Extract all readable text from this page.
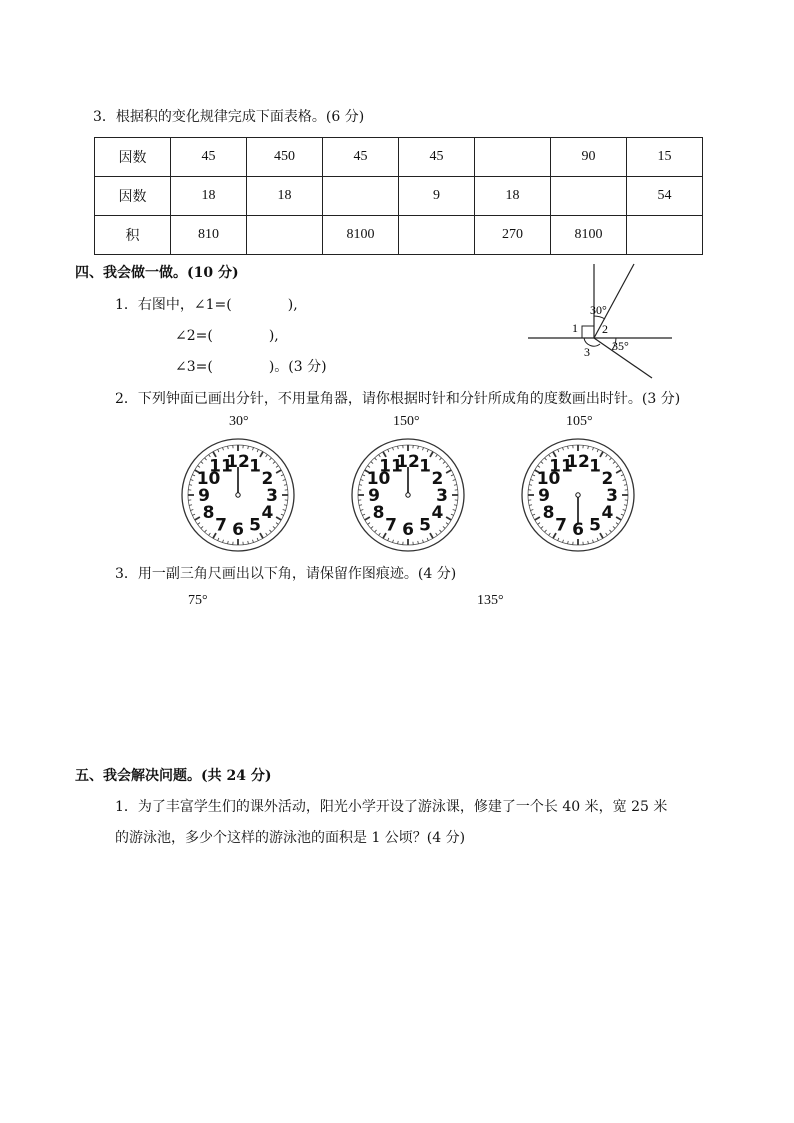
3．根据积的变化规律完成下面表格。(6 分)
因数	45	450	45	45		90	15
因数	18	18		9	18		54
积	810		8100		270	8100	
四、我会做一做。(10 分)
1．右图中，∠1=(　　　　),
∠2=(　　　　),
∠3=(　　　　)。(3 分)
30°
1 2
35°
3
2．下列钟面已画出分针，不用量角器，请你根据时针和分针所成角的度数画出时针。(3 分)
30°	150°	105°
12 1
2
3
4
5
6
7
8
9
10
11	12 1
2
3
4
5
6
7
8
9
10
11	12 1
2
3
4
5
6
7
8
9
10
11
3．用一副三角尺画出以下角，请保留作图痕迹。(4 分)
75°	135°
五、我会解决问题。(共 24 分)
1．为了丰富学生们的课外活动，阳光小学开设了游泳课，修建了一个长 40 米，宽 25 米
的游泳池，多少个这样的游泳池的面积是 1 公顷？(4 分)
